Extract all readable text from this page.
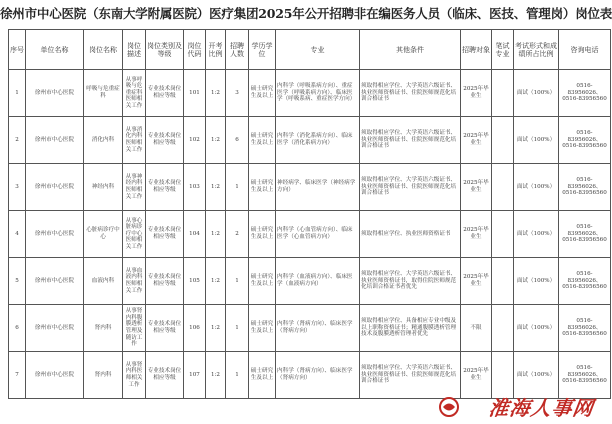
徐州市中心医院（东南大学附属医院）医疗集团2025年公开招聘非在编医务人员（临床、医技、管理岗）岗位表
序号	单位名称	岗位名称	岗位描述	岗位类别及等级	岗位代码	开考比例	招聘人数	学历学位	专业	其他条件	招聘对象	笔试专业	考试形式和成绩所占比例	咨询电话
1	徐州市中心医院	呼吸与危重症科	从事呼吸与危重症科医师相关工作	专业技术岗位相应等级	101	1:2	3	硕士研究生及以上	内科学（呼吸系病方向）、重症医学（呼吸系病方向）、临床医学（呼吸系病、重症医学方向）	须取得相应学位、大学英语六级证书、执业医师资格证书、住院医师规范化培训合格证书	2025年毕业生		面试（100%）	0516-83956026、0516-83956560
2	徐州市中心医院	消化内科	从事消化内科医师相关工作	专业技术岗位相应等级	102	1:2	6	硕士研究生及以上	内科学（消化系病方向）、临床医学（消化系病方向）	须取得相应学位、大学英语六级证书、执业医师资格证书、住院医师规范化培训合格证书	2025年毕业生		面试（100%）	0516-83956026、0516-83956560
3	徐州市中心医院	神经内科	从事神经内科医师相关工作	专业技术岗位相应等级	103	1:2	1	硕士研究生及以上	神经病学、临床医学（神经病学方向）	须取得相应学位、大学英语六级证书、执业医师资格证书、住院医师规范化培训合格证书	2025年毕业生		面试（100%）	0516-83956026、0516-83956560
4	徐州市中心医院	心脏病诊疗中心	从事心脏病诊疗中心医师相关工作	专业技术岗位相应等级	104	1:2	2	硕士研究生及以上	内科学（心血管病方向）、临床医学（心血管病方向）	须取得相应学位、执业医师资格证书	2025年毕业生		面试（100%）	0516-83956026、0516-83956560
5	徐州市中心医院	血液内科	从事血液内科医师相关工作	专业技术岗位相应等级	105	1:2	1	硕士研究生及以上	内科学（血液病方向）、临床医学（血液病方向）	须取得相应学位、大学英语六级证书、执业医师资格证书，取得住院医师规范化培训合格证书者优先	2025年毕业生		面试（100%）	0516-83956026、0516-83956560
6	徐州市中心医院	肾内科	从事肾内科腹膜透析管理及随访工作	专业技术岗位相应等级	106	1:2	1	硕士研究生及以上	内科学（肾病方向）、临床医学（肾病方向）	须取得相应学位、具备相应专业中级及以上职称资格证书；精通腹膜透析管理技术及腹膜透析管理者优先	不限		面试（100%）	0516-83956026、0516-83956560
7	徐州市中心医院	肾内科	从事肾内科医师相关工作	专业技术岗位相应等级	107	1:2	1	硕士研究生及以上	内科学（肾病方向）、临床医学（肾病方向）	须取得相应学位、大学英语六级证书、执业医师资格证书、住院医师规范化培训合格证书	2025年毕业生		面试（100%）	0516-83956026、0516-83956560
淮海人事网
